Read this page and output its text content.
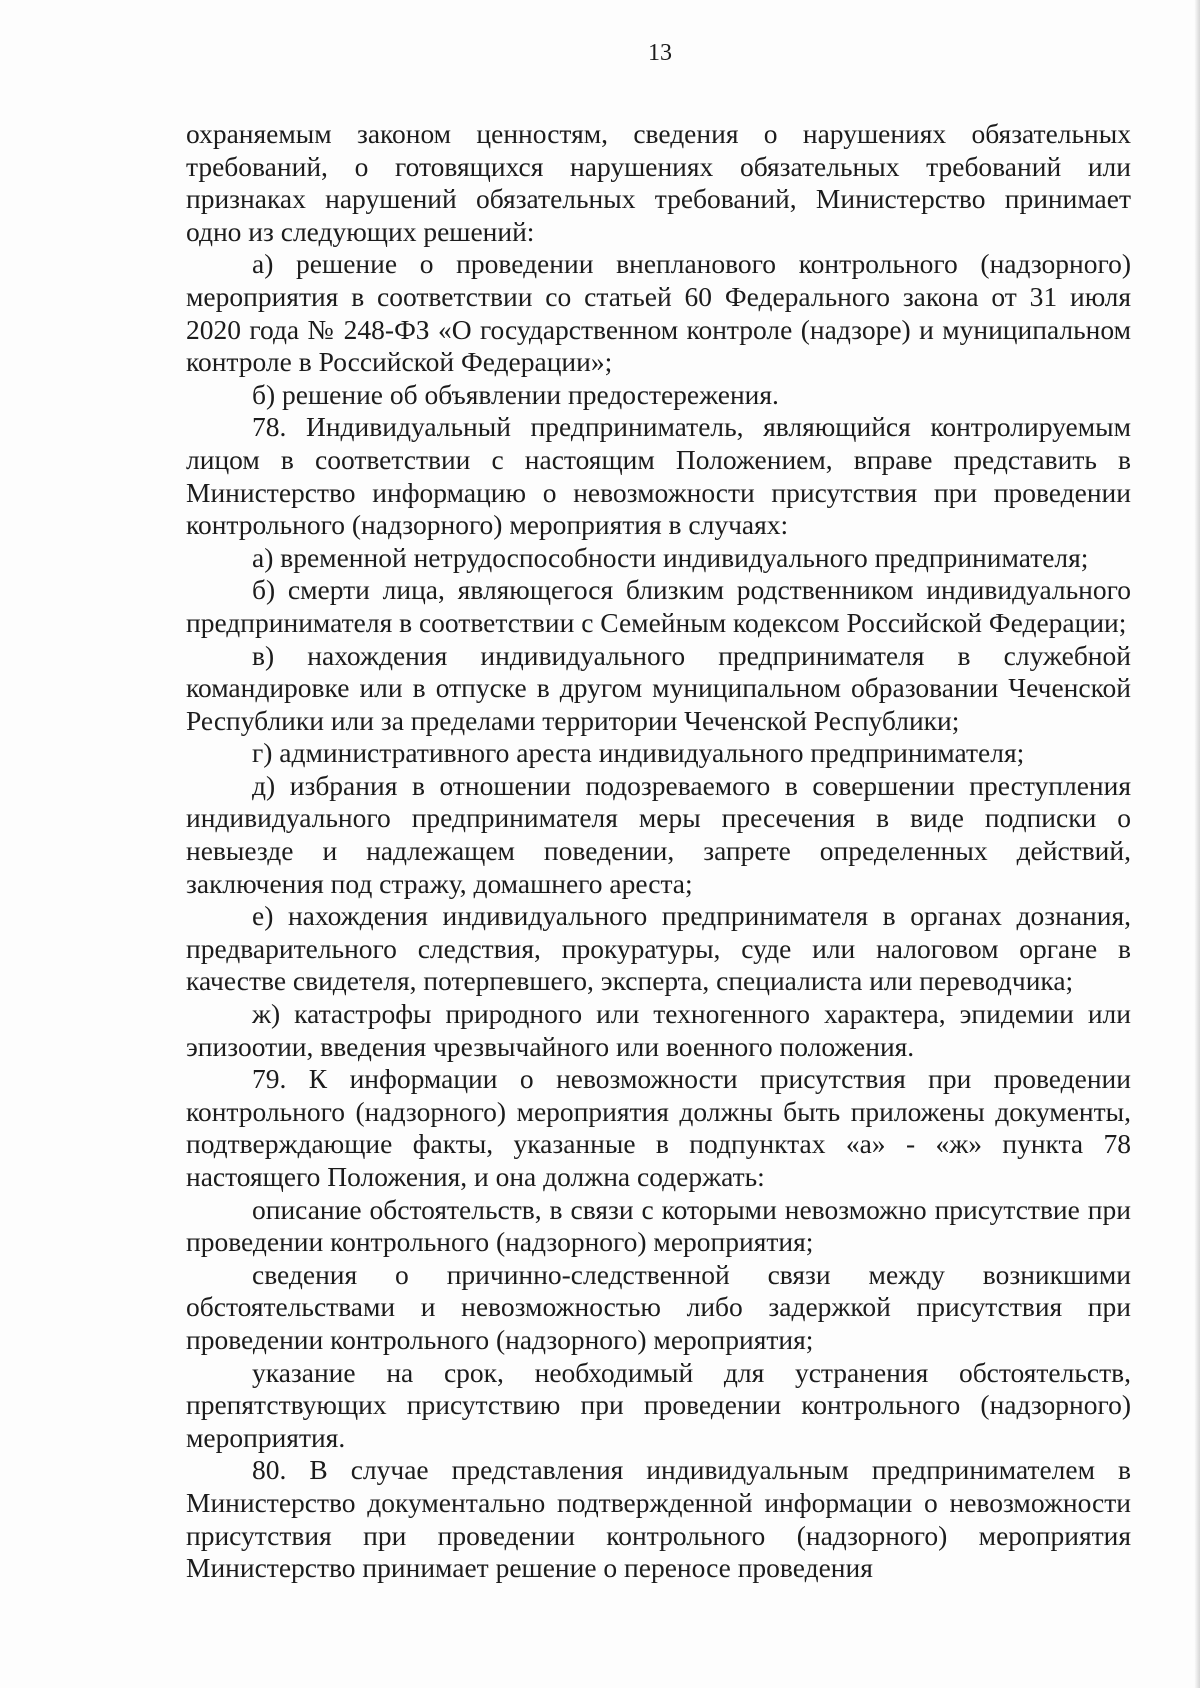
13

охраняемым законом ценностям, сведения о нарушениях обязательных требований, о готовящихся нарушениях обязательных требований или признаках нарушений обязательных требований, Министерство принимает одно из следующих решений:

а) решение о проведении внепланового контрольного (надзорного) мероприятия в соответствии со статьей 60 Федерального закона от 31 июля 2020 года № 248-ФЗ «О государственном контроле (надзоре) и муниципальном контроле в Российской Федерации»;

б) решение об объявлении предостережения.

78. Индивидуальный предприниматель, являющийся контролируемым лицом в соответствии с настоящим Положением, вправе представить в Министерство информацию о невозможности присутствия при проведении контрольного (надзорного) мероприятия в случаях:

а) временной нетрудоспособности индивидуального предпринимателя;

б) смерти лица, являющегося близким родственником индивидуального предпринимателя в соответствии с Семейным кодексом Российской Федерации;

в) нахождения индивидуального предпринимателя в служебной командировке или в отпуске в другом муниципальном образовании Чеченской Республики или за пределами территории Чеченской Республики;

г) административного ареста индивидуального предпринимателя;

д) избрания в отношении подозреваемого в совершении преступления индивидуального предпринимателя меры пресечения в виде подписки о невыезде и надлежащем поведении, запрете определенных действий, заключения под стражу, домашнего ареста;

е) нахождения индивидуального предпринимателя в органах дознания, предварительного следствия, прокуратуры, суде или налоговом органе в качестве свидетеля, потерпевшего, эксперта, специалиста или переводчика;

ж) катастрофы природного или техногенного характера, эпидемии или эпизоотии, введения чрезвычайного или военного положения.

79. К информации о невозможности присутствия при проведении контрольного (надзорного) мероприятия должны быть приложены документы, подтверждающие факты, указанные в подпунктах «а» - «ж» пункта 78 настоящего Положения, и она должна содержать:

описание обстоятельств, в связи с которыми невозможно присутствие при проведении контрольного (надзорного) мероприятия;

сведения о причинно-следственной связи между возникшими обстоятельствами и невозможностью либо задержкой присутствия при проведении контрольного (надзорного) мероприятия;

указание на срок, необходимый для устранения обстоятельств, препятствующих присутствию при проведении контрольного (надзорного) мероприятия.

80. В случае представления индивидуальным предпринимателем в Министерство документально подтвержденной информации о невозможности присутствия при проведении контрольного (надзорного) мероприятия Министерство принимает решение о переносе проведения
